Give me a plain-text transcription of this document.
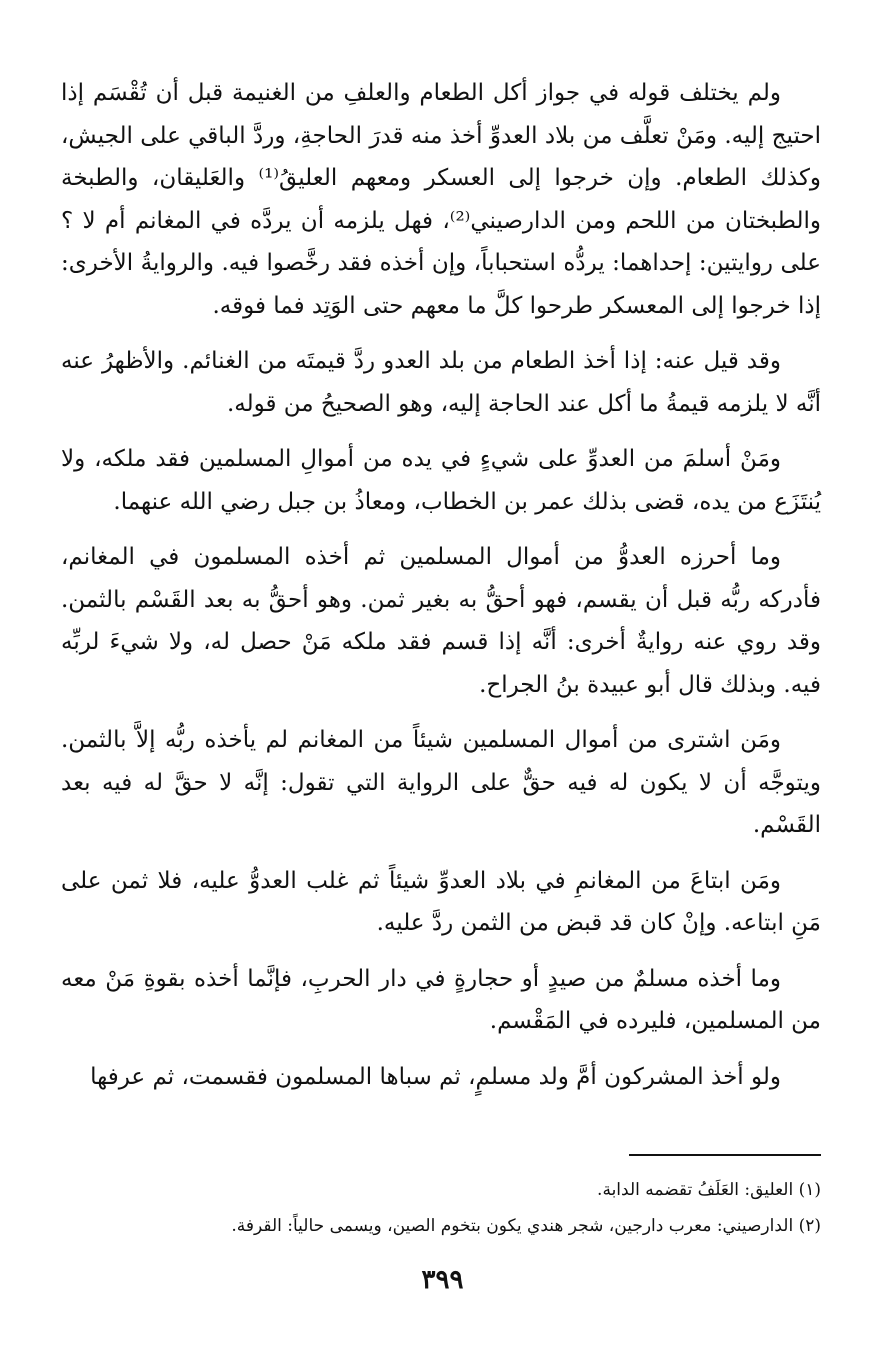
ولم يختلف قوله في جواز أكل الطعام والعلفِ من الغنيمة قبل أن تُقْسَم إذا احتيج إليه. ومَنْ تعلَّف من بلاد العدوِّ أخذ منه قدرَ الحاجةِ، وردَّ الباقي على الجيش، وكذلك الطعام. وإن خرجوا إلى العسكر ومعهم العليقُ⁽¹⁾ والعَليقان، والطبخة والطبختان من اللحم ومن الدارصيني⁽²⁾، فهل يلزمه أن يردَّه في المغانم أم لا ؟ على روايتين: إحداهما: يردُّه استحباباً، وإن أخذه فقد رخَّصوا فيه. والروايةُ الأخرى: إذا خرجوا إلى المعسكر طرحوا كلَّ ما معهم حتى الوَتِد فما فوقه.

وقد قيل عنه: إذا أخذ الطعام من بلد العدو ردَّ قيمتَه من الغنائم. والأظهرُ عنه أنَّه لا يلزمه قيمةُ ما أكل عند الحاجة إليه، وهو الصحيحُ من قوله.

ومَنْ أسلمَ من العدوِّ على شيءٍ في يده من أموالِ المسلمين فقد ملكه، ولا يُنتَزَع من يده، قضى بذلك عمر بن الخطاب، ومعاذُ بن جبل رضي الله عنهما.

وما أحرزه العدوُّ من أموال المسلمين ثم أخذه المسلمون في المغانم، فأدركه ربُّه قبل أن يقسم، فهو أحقُّ به بغير ثمن. وهو أحقُّ به بعد القَسْم بالثمن. وقد روي عنه روايةٌ أخرى: أنَّه إذا قسم فقد ملكه مَنْ حصل له، ولا شيءَ لربِّه فيه. وبذلك قال أبو عبيدة بنُ الجراح.

ومَن اشترى من أموال المسلمين شيئاً من المغانم لم يأخذه ربُّه إلاَّ بالثمن. ويتوجَّه أن لا يكون له فيه حقٌّ على الرواية التي تقول: إنَّه لا حقَّ له فيه بعد القَسْم.

ومَن ابتاعَ من المغانمِ في بلاد العدوِّ شيئاً ثم غلب العدوُّ عليه، فلا ثمن على مَنِ ابتاعه. وإنْ كان قد قبض من الثمن ردَّ عليه.

وما أخذه مسلمٌ من صيدٍ أو حجارةٍ في دار الحربِ، فإنَّما أخذه بقوةِ مَنْ معه من المسلمين، فليرده في المَقْسم.

ولو أخذ المشركون أمَّ ولد مسلمٍ، ثم سباها المسلمون فقسمت، ثم عرفها

(١) العليق: العَلَفُ تقضمه الدابة.

(٢) الدارصيني: معرب دارجين، شجر هندي يكون بتخوم الصين، ويسمى حالياً: القرفة.

٣٩٩
